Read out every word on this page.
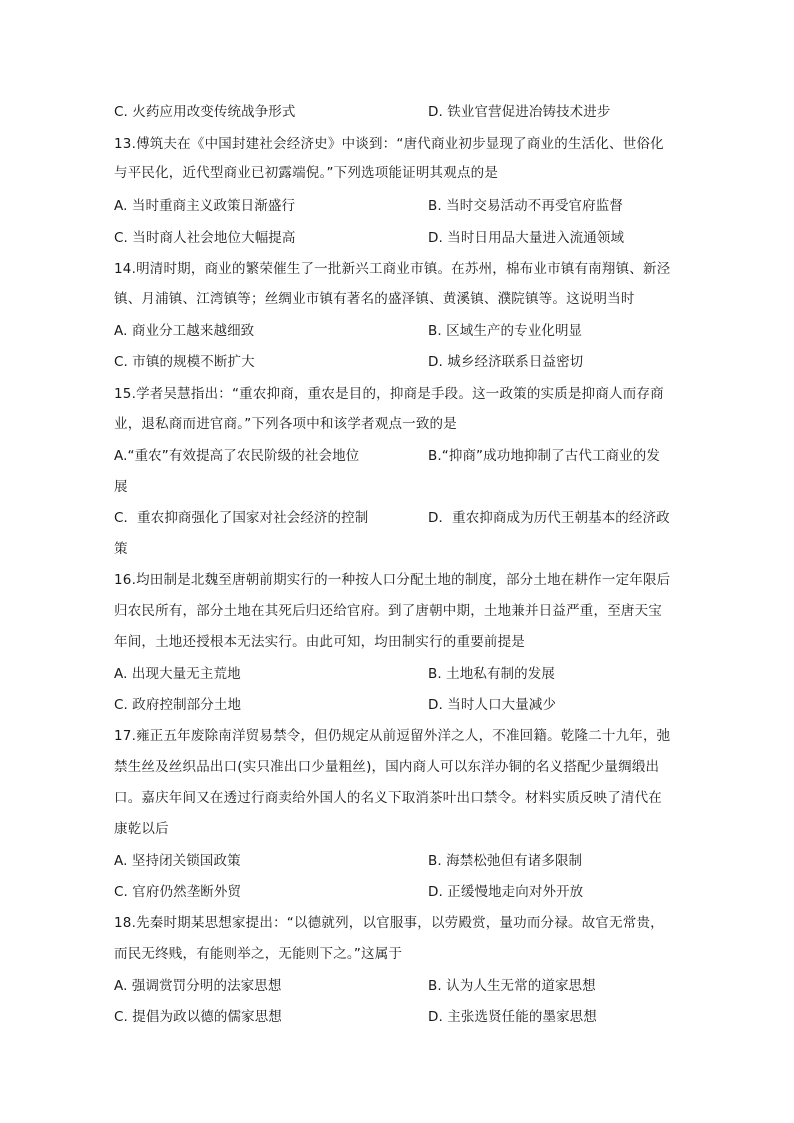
C. 火药应用改变传统战争形式	D. 铁业官营促进冶铸技术进步
13.傅筑夫在《中国封建社会经济史》中谈到：“唐代商业初步显现了商业的生活化、世俗化
与平民化，近代型商业已初露端倪。”下列选项能证明其观点的是
A. 当时重商主义政策日渐盛行	B. 当时交易活动不再受官府监督
C. 当时商人社会地位大幅提高	D. 当时日用品大量进入流通领域
14.明清时期，商业的繁荣催生了一批新兴工商业市镇。在苏州，棉布业市镇有南翔镇、新泾
镇、月浦镇、江湾镇等；丝绸业市镇有著名的盛泽镇、黄溪镇、濮院镇等。这说明当时
A. 商业分工越来越细致	B. 区域生产的专业化明显
C. 市镇的规模不断扩大	D. 城乡经济联系日益密切
15.学者吴慧指出：“重农抑商，重农是目的，抑商是手段。这一政策的实质是抑商人而存商
业，退私商而进官商。”下列各项中和该学者观点一致的是
A.“重农”有效提高了农民阶级的社会地位	B.“抑商”成功地抑制了古代工商业的发
展
C．重农抑商强化了国家对社会经济的控制	D．重农抑商成为历代王朝基本的经济政
策
16.均田制是北魏至唐朝前期实行的一种按人口分配土地的制度，部分土地在耕作一定年限后
归农民所有，部分土地在其死后归还给官府。到了唐朝中期，土地兼并日益严重，至唐天宝
年间，土地还授根本无法实行。由此可知，均田制实行的重要前提是
A. 出现大量无主荒地	B. 土地私有制的发展
C. 政府控制部分土地	D. 当时人口大量减少
17.雍正五年废除南洋贸易禁令，但仍规定从前逗留外洋之人，不准回籍。乾隆二十九年，弛
禁生丝及丝织品出口(实只准出口少量粗丝)，国内商人可以东洋办铜的名义搭配少量绸缎出
口。嘉庆年间又在透过行商卖给外国人的名义下取消茶叶出口禁令。材料实质反映了清代在
康乾以后
A. 坚持闭关锁国政策	B. 海禁松弛但有诸多限制
C. 官府仍然垄断外贸	D. 正缓慢地走向对外开放
18.先秦时期某思想家提出：“以德就列，以官服事，以劳殿赏，量功而分禄。故官无常贵，
而民无终贱，有能则举之，无能则下之。”这属于
A. 强调赏罚分明的法家思想	B. 认为人生无常的道家思想
C. 提倡为政以德的儒家思想	D. 主张选贤任能的墨家思想
